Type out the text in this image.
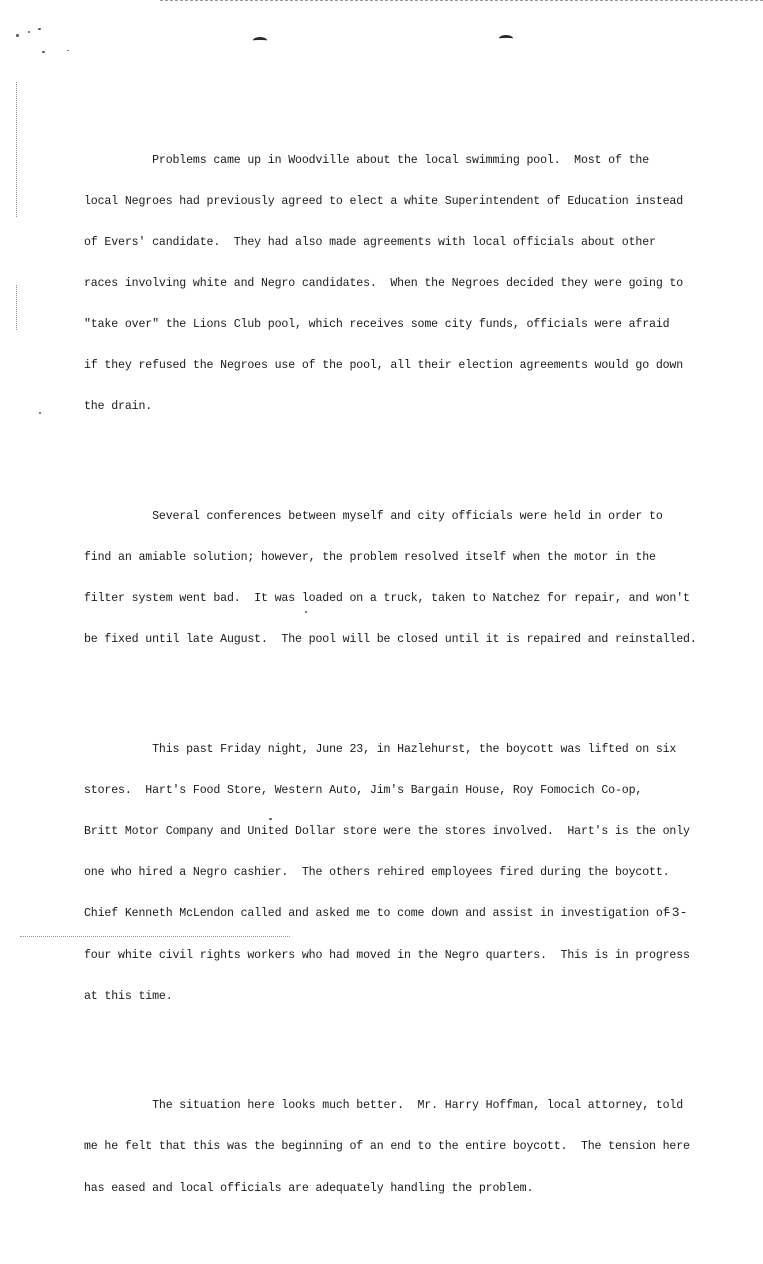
Problems came up in Woodville about the local swimming pool.  Most of the

local Negroes had previously agreed to elect a white Superintendent of Education instead

of Evers' candidate.  They had also made agreements with local officials about other

races involving white and Negro candidates.  When the Negroes decided they were going to

"take over" the Lions Club pool, which receives some city funds, officials were afraid

if they refused the Negroes use of the pool, all their election agreements would go down

the drain.

Several conferences between myself and city officials were held in order to

find an amiable solution; however, the problem resolved itself when the motor in the

filter system went bad.  It was loaded on a truck, taken to Natchez for repair, and won't

be fixed until late August.  The pool will be closed until it is repaired and reinstalled.

This past Friday night, June 23, in Hazlehurst, the boycott was lifted on six

stores.  Hart's Food Store, Western Auto, Jim's Bargain House, Roy Fomocich Co-op,

Britt Motor Company and United Dollar store were the stores involved.  Hart's is the only

one who hired a Negro cashier.  The others rehired employees fired during the boycott.

Chief Kenneth McLendon called and asked me to come down and assist in investigation of

four white civil rights workers who had moved in the Negro quarters.  This is in progress

at this time.

The situation here looks much better.  Mr. Harry Hoffman, local attorney, told

me he felt that this was the beginning of an end to the entire boycott.  The tension here

has eased and local officials are adequately handling the problem.

-3-
